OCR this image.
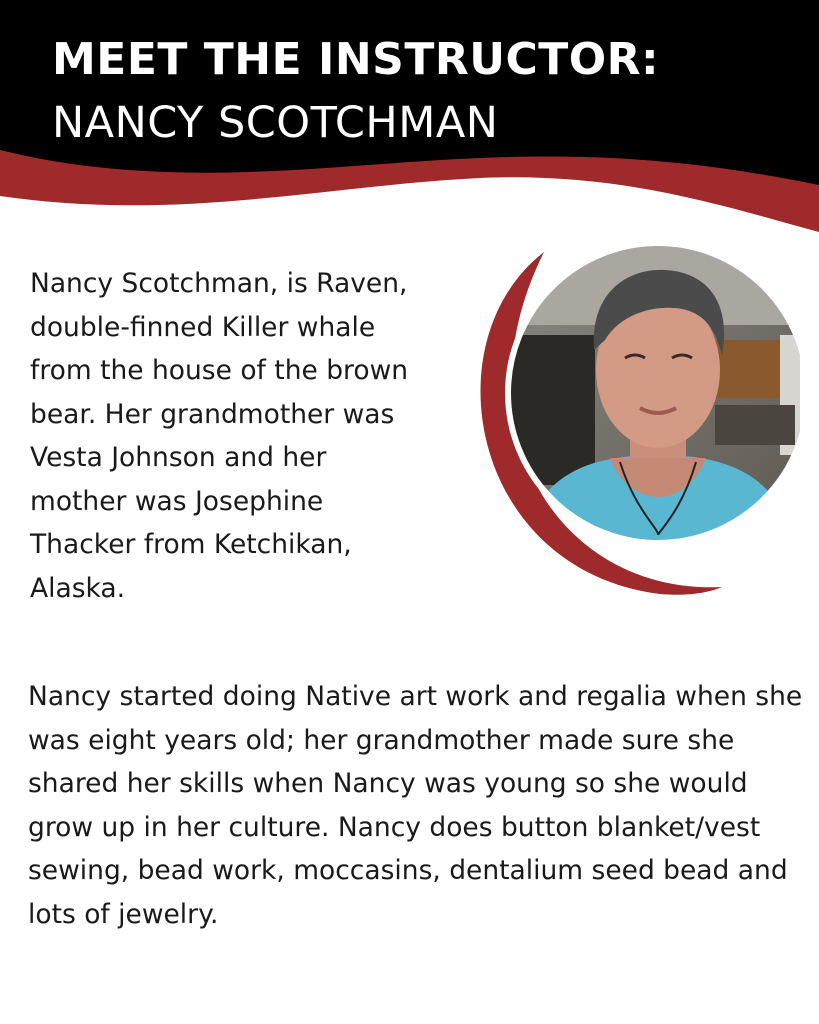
MEET THE INSTRUCTOR:
NANCY SCOTCHMAN

Nancy Scotchman, is Raven, double-finned Killer whale from the house of the brown bear. Her grandmother was Vesta Johnson and her mother was Josephine Thacker from Ketchikan, Alaska.

Nancy started doing Native art work and regalia when she was eight years old; her grandmother made sure she shared her skills when Nancy was young so she would grow up in her culture. Nancy does button blanket/vest sewing, bead work, moccasins, dentalium seed bead and lots of jewelry.
